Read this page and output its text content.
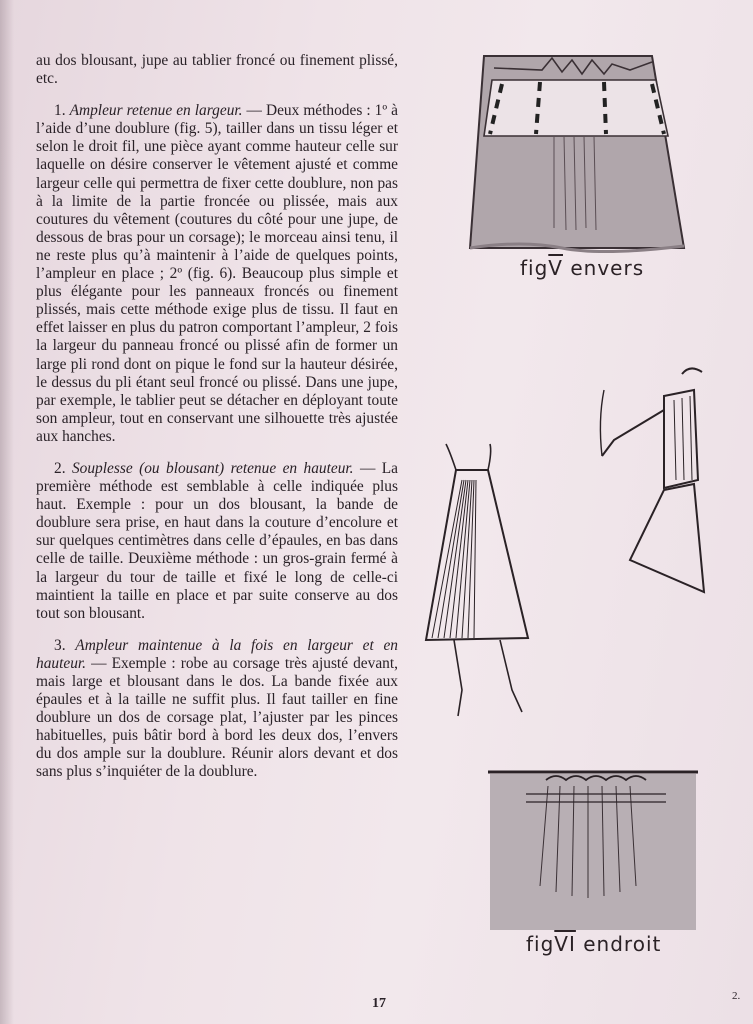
au dos blousant, jupe au tablier froncé ou finement plissé, etc.

1. Ampleur retenue en largeur. — Deux méthodes : 1º à l’aide d’une doublure (fig. 5), tailler dans un tissu léger et selon le droit fil, une pièce ayant comme hauteur celle sur laquelle on désire conserver le vêtement ajusté et comme largeur celle qui permettra de fixer cette doublure, non pas à la limite de la partie froncée ou plissée, mais aux coutures du vêtement (coutures du côté pour une jupe, de dessous de bras pour un corsage); le morceau ainsi tenu, il ne reste plus qu’à maintenir à l’aide de quelques points, l’ampleur en place ; 2º (fig. 6). Beaucoup plus simple et plus élégante pour les panneaux froncés ou finement plissés, mais cette méthode exige plus de tissu. Il faut en effet laisser en plus du patron comportant l’ampleur, 2 fois la largeur du panneau froncé ou plissé afin de former un large pli rond dont on pique le fond sur la hauteur désirée, le dessus du pli étant seul froncé ou plissé. Dans une jupe, par exemple, le tablier peut se détacher en déployant toute son ampleur, tout en conservant une silhouette très ajustée aux hanches.

2. Souplesse (ou blousant) retenue en hauteur. — La première méthode est semblable à celle indiquée plus haut. Exemple : pour un dos blousant, la bande de doublure sera prise, en haut dans la couture d’encolure et sur quelques centimètres dans celle d’épaules, en bas dans celle de taille. Deuxième méthode : un gros-grain fermé à la largeur du tour de taille et fixé le long de celle-ci maintient la taille en place et par suite conserve au dos tout son blousant.

3. Ampleur maintenue à la fois en largeur et en hauteur. — Exemple : robe au corsage très ajusté devant, mais large et blousant dans le dos. La bande fixée aux épaules et à la taille ne suffit plus. Il faut tailler en fine doublure un dos de corsage plat, l’ajuster par les pinces habituelles, puis bâtir bord à bord les deux dos, l’envers du dos ample sur la doublure. Réunir alors devant et dos sans plus s’inquiéter de la doublure.

$fig\overline{V}$ envers
$fig\overline{VI}$ endroit
17	2.
